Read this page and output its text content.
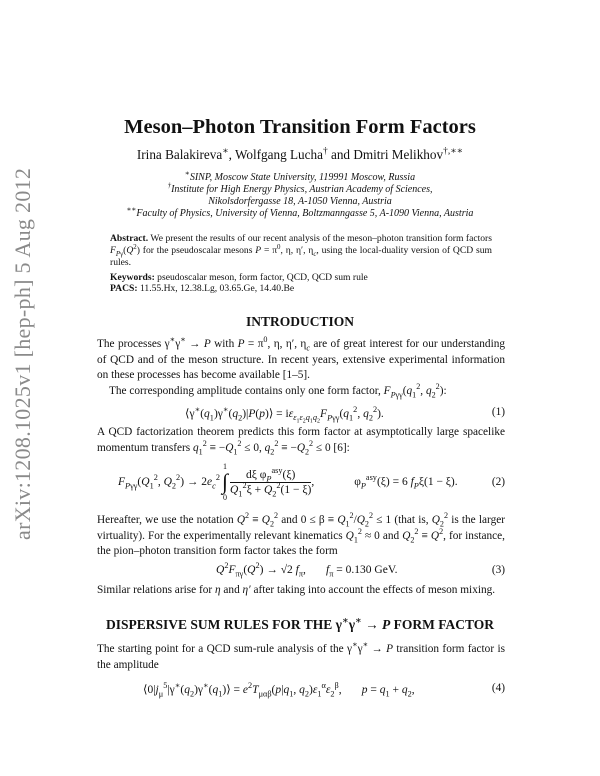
arXiv:1208.1025v1 [hep-ph] 5 Aug 2012
Meson–Photon Transition Form Factors
Irina Balakireva∗, Wolfgang Lucha† and Dmitri Melikhov†,∗∗
∗SINP, Moscow State University, 119991 Moscow, Russia
†Institute for High Energy Physics, Austrian Academy of Sciences,
Nikolsdorfergasse 18, A-1050 Vienna, Austria
∗∗Faculty of Physics, University of Vienna, Boltzmanngasse 5, A-1090 Vienna, Austria
Abstract. We present the results of our recent analysis of the meson–photon transition form factors $F_{P\gamma}(Q^2)$ for the pseudoscalar mesons $P = \pi^0$, η, η′, $\eta_c$, using the local-duality version of QCD sum rules.
Keywords: pseudoscalar meson, form factor, QCD, QCD sum rule
PACS: 11.55.Hx, 12.38.Lg, 03.65.Ge, 14.40.Be
INTRODUCTION
The processes γ∗γ∗ → P with $P = \pi^0$, η, η′, $\eta_c$ are of great interest for our understanding of QCD and of the meson structure. In recent years, extensive experimental information on these processes has become available [1–5].
The corresponding amplitude contains only one form factor, $F_{P\gamma\gamma}(q_1^2$, $q_2^2$):
$⟨\gamma^∗(q_1)\gamma^∗(q_2)|P(p)⟩ = i\varepsilon_{\varepsilon_1\varepsilon_2q_1q_2}F_{P\gamma\gamma}(q_1^2$, $q_2^2$).	(1)
A QCD factorization theorem predicts this form factor at asymptotically large spacelike momentum transfers $q_1^2 \equiv -Q_1^2 \le 0$, $q_2^2 \equiv -Q_2^2 \le 0$ [6]:
$F_{P\gamma\gamma}(Q_1^2$, $Q_2^2) \to 2e_c^2$
1
∫
0
$\frac{d\xi \varphi_P^{asy}(\xi)}{Q_1^2\xi + Q_2^2(1 - \xi)}$ ,	$\varphi_P^{asy}(\xi) = 6$ $f_P\xi(1 - \xi)$.	(2)
Hereafter, we use the notation $Q^2 \equiv Q_2^2$ and $0 \le \beta \equiv Q_1^2/Q_2^2 \le 1$ (that is, $Q_2^2$ is the larger virtuality). For the experimentally relevant kinematics $Q_1^2 \approx 0$ and $Q_2^2 \equiv Q^2$, for instance, the pion–photon transition form factor takes the form
$Q^2F_{\pi\gamma}(Q^2) \to √2$ $f_\pi$,       $f_\pi = 0.130$ GeV.	(3)
Similar relations arise for η and η′ after taking into account the effects of meson mixing.
DISPERSIVE SUM RULES FOR THE γ∗γ∗ → P FORM FACTOR
The starting point for a QCD sum-rule analysis of the γ∗γ∗ → P transition form factor is the amplitude
$⟨0|j_\mu^5|\gamma^∗(q_2)\gamma^∗(q_1)⟩ = e^2T_{\mu\alpha\beta}(p|q_1$, $q_2)\varepsilon_1^\alpha\varepsilon_2^\beta$,       $p = q_1 + q_2$,	(4)
